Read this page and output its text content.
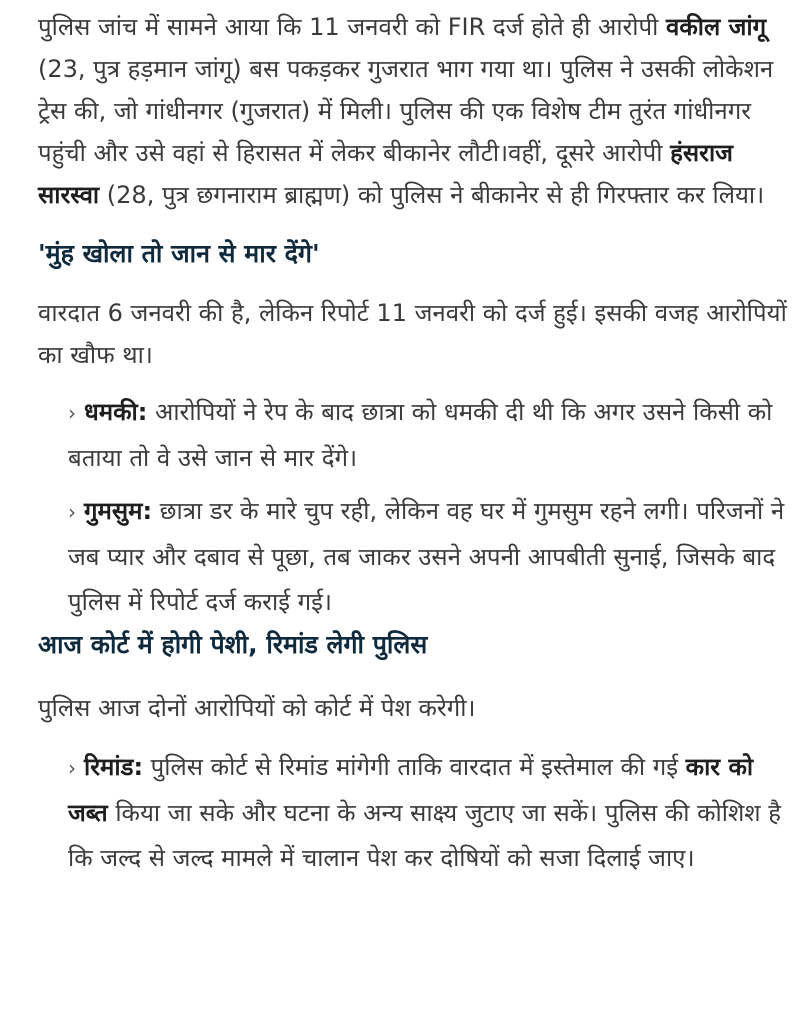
पुलिस जांच में सामने आया कि 11 जनवरी को FIR दर्ज होते ही आरोपी वकील जांगू (23, पुत्र हड़मान जांगू) बस पकड़कर गुजरात भाग गया था। पुलिस ने उसकी लोकेशन ट्रेस की, जो गांधीनगर (गुजरात) में मिली। पुलिस की एक विशेष टीम तुरंत गांधीनगर पहुंची और उसे वहां से हिरासत में लेकर बीकानेर लौटी।वहीं, दूसरे आरोपी हंसराज सारस्वा (28, पुत्र छगनाराम ब्राह्मण) को पुलिस ने बीकानेर से ही गिरफ्तार कर लिया।

'मुंह खोला तो जान से मार देंगे'

वारदात 6 जनवरी की है, लेकिन रिपोर्ट 11 जनवरी को दर्ज हुई। इसकी वजह आरोपियों का खौफ था।

› धमकी: आरोपियों ने रेप के बाद छात्रा को धमकी दी थी कि अगर उसने किसी को बताया तो वे उसे जान से मार देंगे।

› गुमसुम: छात्रा डर के मारे चुप रही, लेकिन वह घर में गुमसुम रहने लगी। परिजनों ने जब प्यार और दबाव से पूछा, तब जाकर उसने अपनी आपबीती सुनाई, जिसके बाद पुलिस में रिपोर्ट दर्ज कराई गई।

आज कोर्ट में होगी पेशी, रिमांड लेगी पुलिस

पुलिस आज दोनों आरोपियों को कोर्ट में पेश करेगी।

› रिमांड: पुलिस कोर्ट से रिमांड मांगेगी ताकि वारदात में इस्तेमाल की गई कार को जब्त किया जा सके और घटना के अन्य साक्ष्य जुटाए जा सकें। पुलिस की कोशिश है कि जल्द से जल्द मामले में चालान पेश कर दोषियों को सजा दिलाई जाए।
